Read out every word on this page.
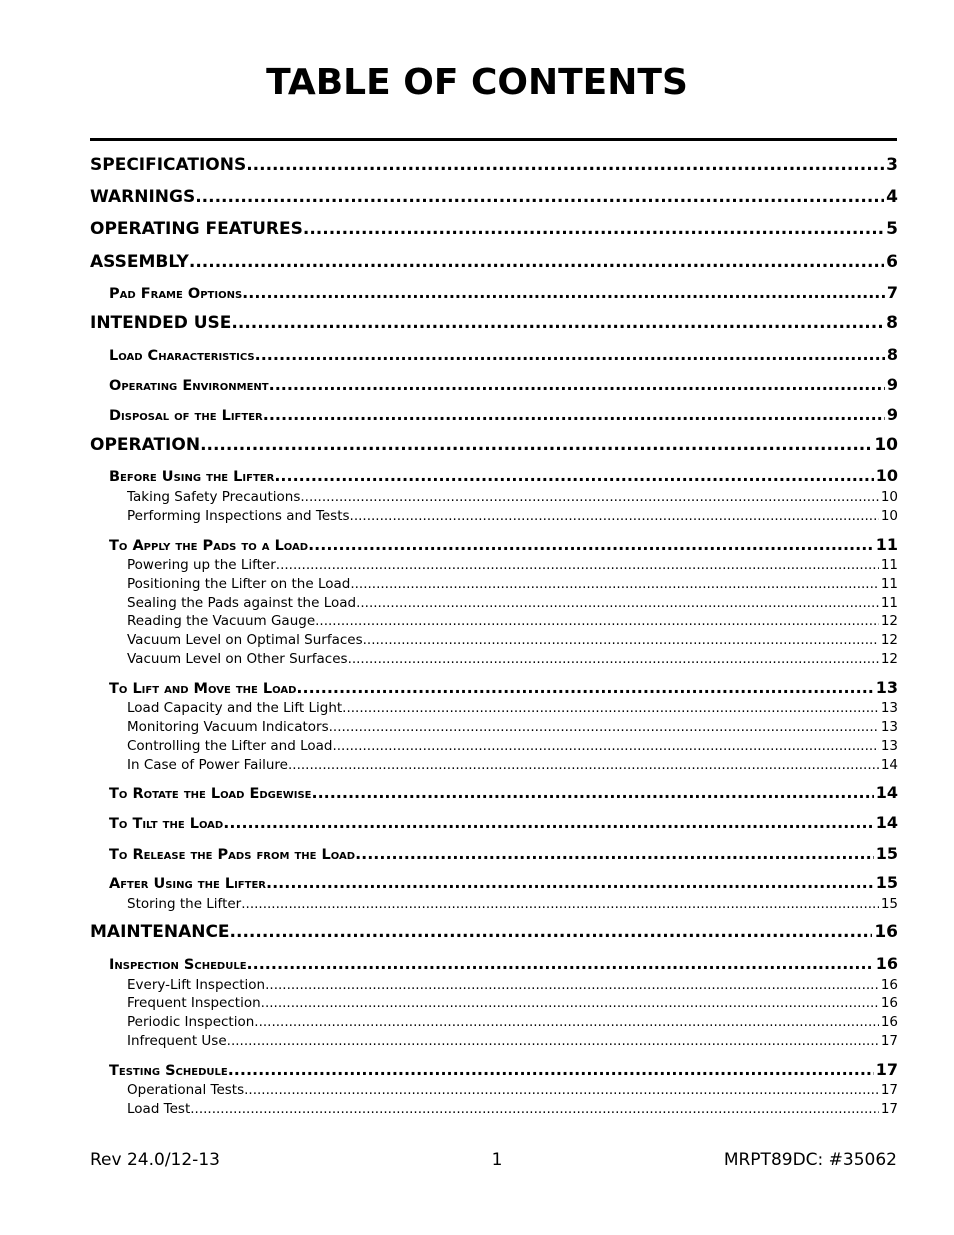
TABLE OF CONTENTS
SPECIFICATIONS .....	3
WARNINGS .....	4
OPERATING FEATURES .....	5
ASSEMBLY .....	6
Pad Frame Options .....	7
INTENDED USE .....	8
Load Characteristics .....	8
Operating Environment .....	9
Disposal of the Lifter .....	9
OPERATION .....	10
Before Using the Lifter .....	10
Taking Safety Precautions .....	10
Performing Inspections and Tests .....	10
To Apply the Pads to a Load .....	11
Powering up the Lifter .....	11
Positioning the Lifter on the Load .....	11
Sealing the Pads against the Load .....	11
Reading the Vacuum Gauge .....	12
Vacuum Level on Optimal Surfaces .....	12
Vacuum Level on Other Surfaces .....	12
To Lift and Move the Load .....	13
Load Capacity and the Lift Light .....	13
Monitoring Vacuum Indicators .....	13
Controlling the Lifter and Load .....	13
In Case of Power Failure .....	14
To Rotate the Load Edgewise .....	14
To Tilt the Load .....	14
To Release the Pads from the Load .....	15
After Using the Lifter .....	15
Storing the Lifter .....	15
MAINTENANCE .....	16
Inspection Schedule .....	16
Every-Lift Inspection .....	16
Frequent Inspection .....	16
Periodic Inspection .....	16
Infrequent Use .....	17
Testing Schedule .....	17
Operational Tests .....	17
Load Test .....	17
Rev 24.0/12-13	1	MRPT89DC: #35062
